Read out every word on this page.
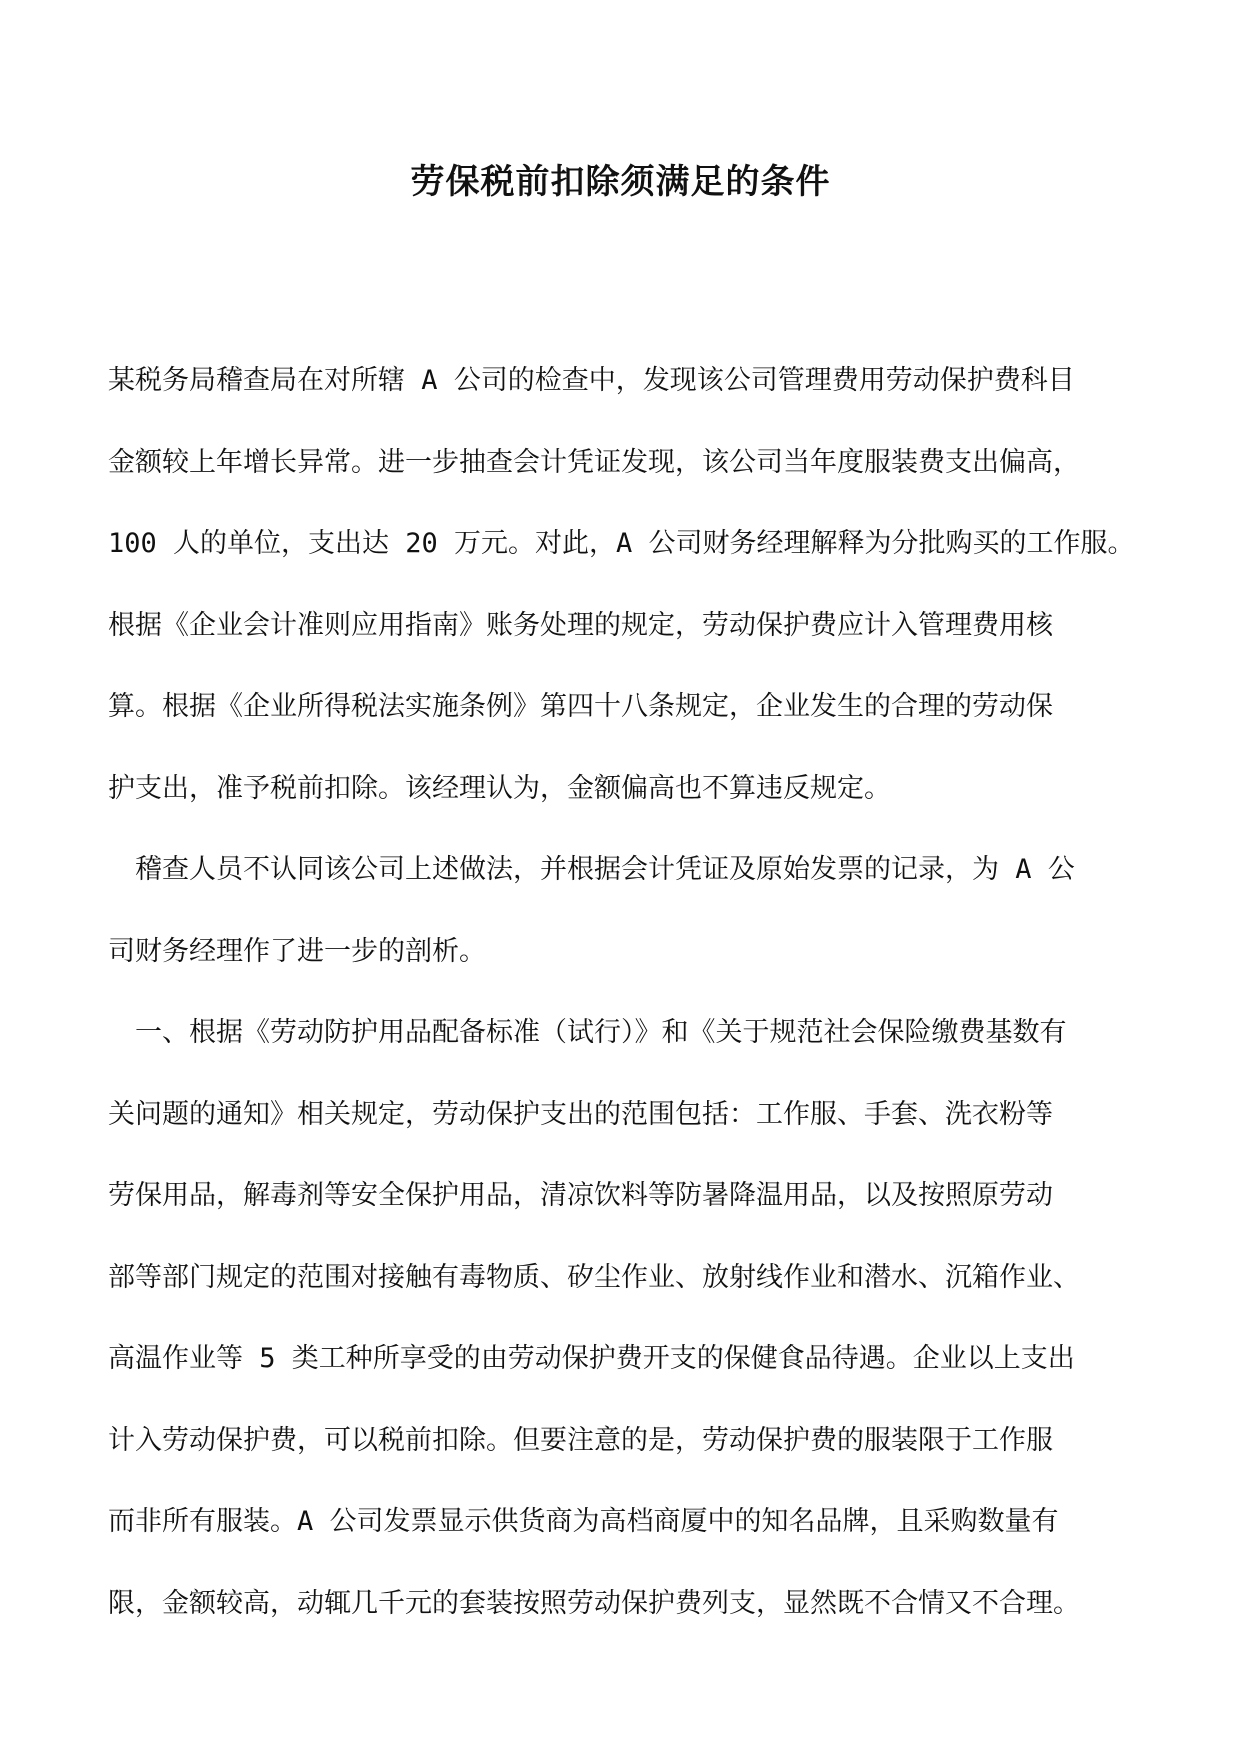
劳保税前扣除须满足的条件
某税务局稽查局在对所辖 A 公司的检查中，发现该公司管理费用劳动保护费科目
金额较上年增长异常。进一步抽查会计凭证发现，该公司当年度服装费支出偏高，
100 人的单位，支出达 20 万元。对此，A 公司财务经理解释为分批购买的工作服。
根据《企业会计准则应用指南》账务处理的规定，劳动保护费应计入管理费用核
算。根据《企业所得税法实施条例》第四十八条规定，企业发生的合理的劳动保
护支出，准予税前扣除。该经理认为，金额偏高也不算违反规定。
　稽查人员不认同该公司上述做法，并根据会计凭证及原始发票的记录，为 A 公
司财务经理作了进一步的剖析。
　一、根据《劳动防护用品配备标准（试行）》和《关于规范社会保险缴费基数有
关问题的通知》相关规定，劳动保护支出的范围包括：工作服、手套、洗衣粉等
劳保用品，解毒剂等安全保护用品，清凉饮料等防暑降温用品，以及按照原劳动
部等部门规定的范围对接触有毒物质、矽尘作业、放射线作业和潜水、沉箱作业、
高温作业等 5 类工种所享受的由劳动保护费开支的保健食品待遇。企业以上支出
计入劳动保护费，可以税前扣除。但要注意的是，劳动保护费的服装限于工作服
而非所有服装。A 公司发票显示供货商为高档商厦中的知名品牌，且采购数量有
限，金额较高，动辄几千元的套装按照劳动保护费列支，显然既不合情又不合理。
